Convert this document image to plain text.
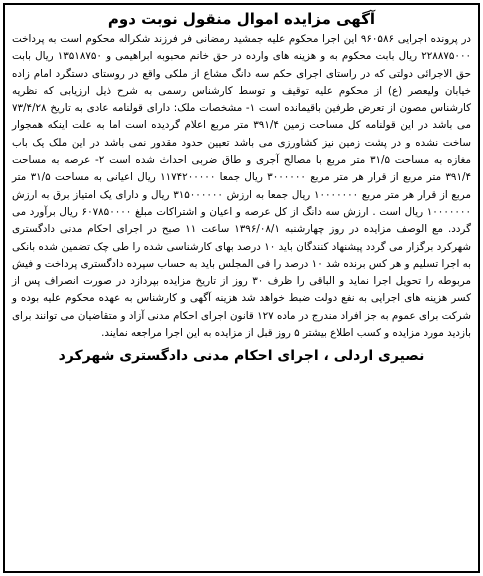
آگهی مزایده اموال منقول نوبت دوم

در پرونده اجرایی ۹۶۰۵۸۶ این اجرا محکوم علیه جمشید رمضانی فر فرزند شکراله محکوم است به پرداخت ۲۲۸۸۷۵۰۰۰ ریال بابت محکوم به و هزینه های وارده در حق خانم محبوبه ابراهیمی و ۱۳۵۱۸۷۵۰ ریال بابت حق الاجرائی دولتی که در راستای اجرای حکم سه دانگ مشاع از ملکی واقع در روستای دستگرد امام زاده خیابان ولیعصر (ع) از محکوم علیه توقیف و توسط کارشناس رسمی به شرح ذیل ارزیابی که نظریه کارشناس مصون از تعرض طرفین باقیمانده است ۱- مشخصات ملک: دارای قولنامه عادی به تاریخ ۷۳/۴/۲۸ می باشد در این قولنامه کل مساحت زمین ۳۹۱/۴ متر مربع اعلام گردیده است اما به علت اینکه همجوار ساخت نشده و در پشت زمین نیز کشاورزی می باشد تعیین حدود مقدور نمی باشد در این ملک یک باب مغازه به مساحت ۳۱/۵ متر مربع با مصالح آجری و طاق ضربی احداث شده است ۲- عرصه به مساحت ۳۹۱/۴ متر مربع از قرار هر متر مربع ۳۰۰۰۰۰۰ ریال جمعا ۱۱۷۴۲۰۰۰۰۰ ریال اعیانی به مساحت ۳۱/۵ متر مربع از قرار هر متر مربع ۱۰۰۰۰۰۰۰ ریال جمعا به ارزش ۳۱۵۰۰۰۰۰۰ ریال و دارای یک امتیاز برق به ارزش ۱۰۰۰۰۰۰۰ ریال است . ارزش سه دانگ از کل عرصه و اعیان و اشتراکات مبلغ ۶۰۷۸۵۰۰۰۰ ریال برآورد می گردد. مع الوصف مزایده در روز چهارشنبه ۱۳۹۶/۰۸/۱ ساعت ۱۱ صبح در اجرای احکام مدنی دادگستری شهرکرد برگزار می گردد پیشنهاد کنندگان باید ۱۰ درصد بهای کارشناسی شده را طی چک تضمین شده بانکی به اجرا تسلیم و هر کس برنده شد ۱۰ درصد را فی المجلس باید به حساب سپرده دادگستری پرداخت و فیش مربوطه را تحویل اجرا نماید و الباقی را ظرف ۳۰ روز از تاریخ مزایده بپردازد در صورت انصراف پس از کسر هزینه های اجرایی به نفع دولت ضبط خواهد شد هزینه آگهی و کارشناس به عهده محکوم علیه بوده و شرکت برای عموم به جز افراد مندرج در ماده ۱۲۷ قانون اجرای احکام مدنی آزاد و متقاضیان می توانند برای بازدید مورد مزایده و کسب اطلاع بیشتر ۵ روز قبل از مزایده به این اجرا مراجعه نمایند.

نصیری اردلی ، اجرای احکام مدنی دادگستری شهرکرد
